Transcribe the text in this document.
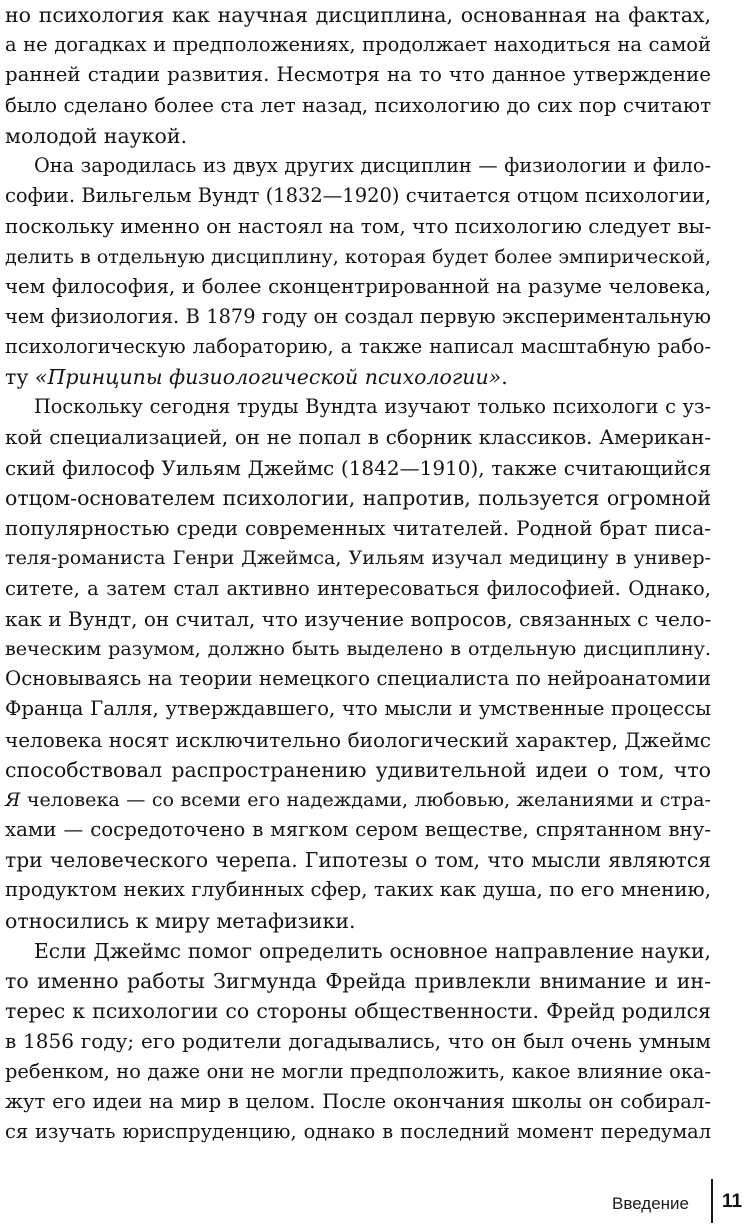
но психология как научная дисциплина, основанная на фактах,
а не догадках и предположениях, продолжает находиться на самой
ранней стадии развития. Несмотря на то что данное утверждение
было сделано более ста лет назад, психологию до сих пор считают
молодой наукой.
Она зародилась из двух других дисциплин — физиологии и фило-
софии. Вильгельм Вундт (1832—1920) считается отцом психологии,
поскольку именно он настоял на том, что психологию следует вы-
делить в отдельную дисциплину, которая будет более эмпирической,
чем философия, и более сконцентрированной на разуме человека,
чем физиология. В 1879 году он создал первую экспериментальную
психологическую лабораторию, а также написал масштабную рабо-
ту «Принципы физиологической психологии».
Поскольку сегодня труды Вундта изучают только психологи с уз-
кой специализацией, он не попал в сборник классиков. Американ-
ский философ Уильям Джеймс (1842—1910), также считающийся
отцом-основателем психологии, напротив, пользуется огромной
популярностью среди современных читателей. Родной брат писа-
теля-романиста Генри Джеймса, Уильям изучал медицину в универ-
ситете, а затем стал активно интересоваться философией. Однако,
как и Вундт, он считал, что изучение вопросов, связанных с чело-
веческим разумом, должно быть выделено в отдельную дисциплину.
Основываясь на теории немецкого специалиста по нейроанатомии
Франца Галля, утверждавшего, что мысли и умственные процессы
человека носят исключительно биологический характер, Джеймс
способствовал распространению удивительной идеи о том, что
Я человека — со всеми его надеждами, любовью, желаниями и стра-
хами — сосредоточено в мягком сером веществе, спрятанном вну-
три человеческого черепа. Гипотезы о том, что мысли являются
продуктом неких глубинных сфер, таких как душа, по его мнению,
относились к миру метафизики.
Если Джеймс помог определить основное направление науки,
то именно работы Зигмунда Фрейда привлекли внимание и ин-
терес к психологии со стороны общественности. Фрейд родился
в 1856 году; его родители догадывались, что он был очень умным
ребенком, но даже они не могли предположить, какое влияние ока-
жут его идеи на мир в целом. После окончания школы он собирал-
ся изучать юриспруденцию, однако в последний момент передумал
Введение 11
